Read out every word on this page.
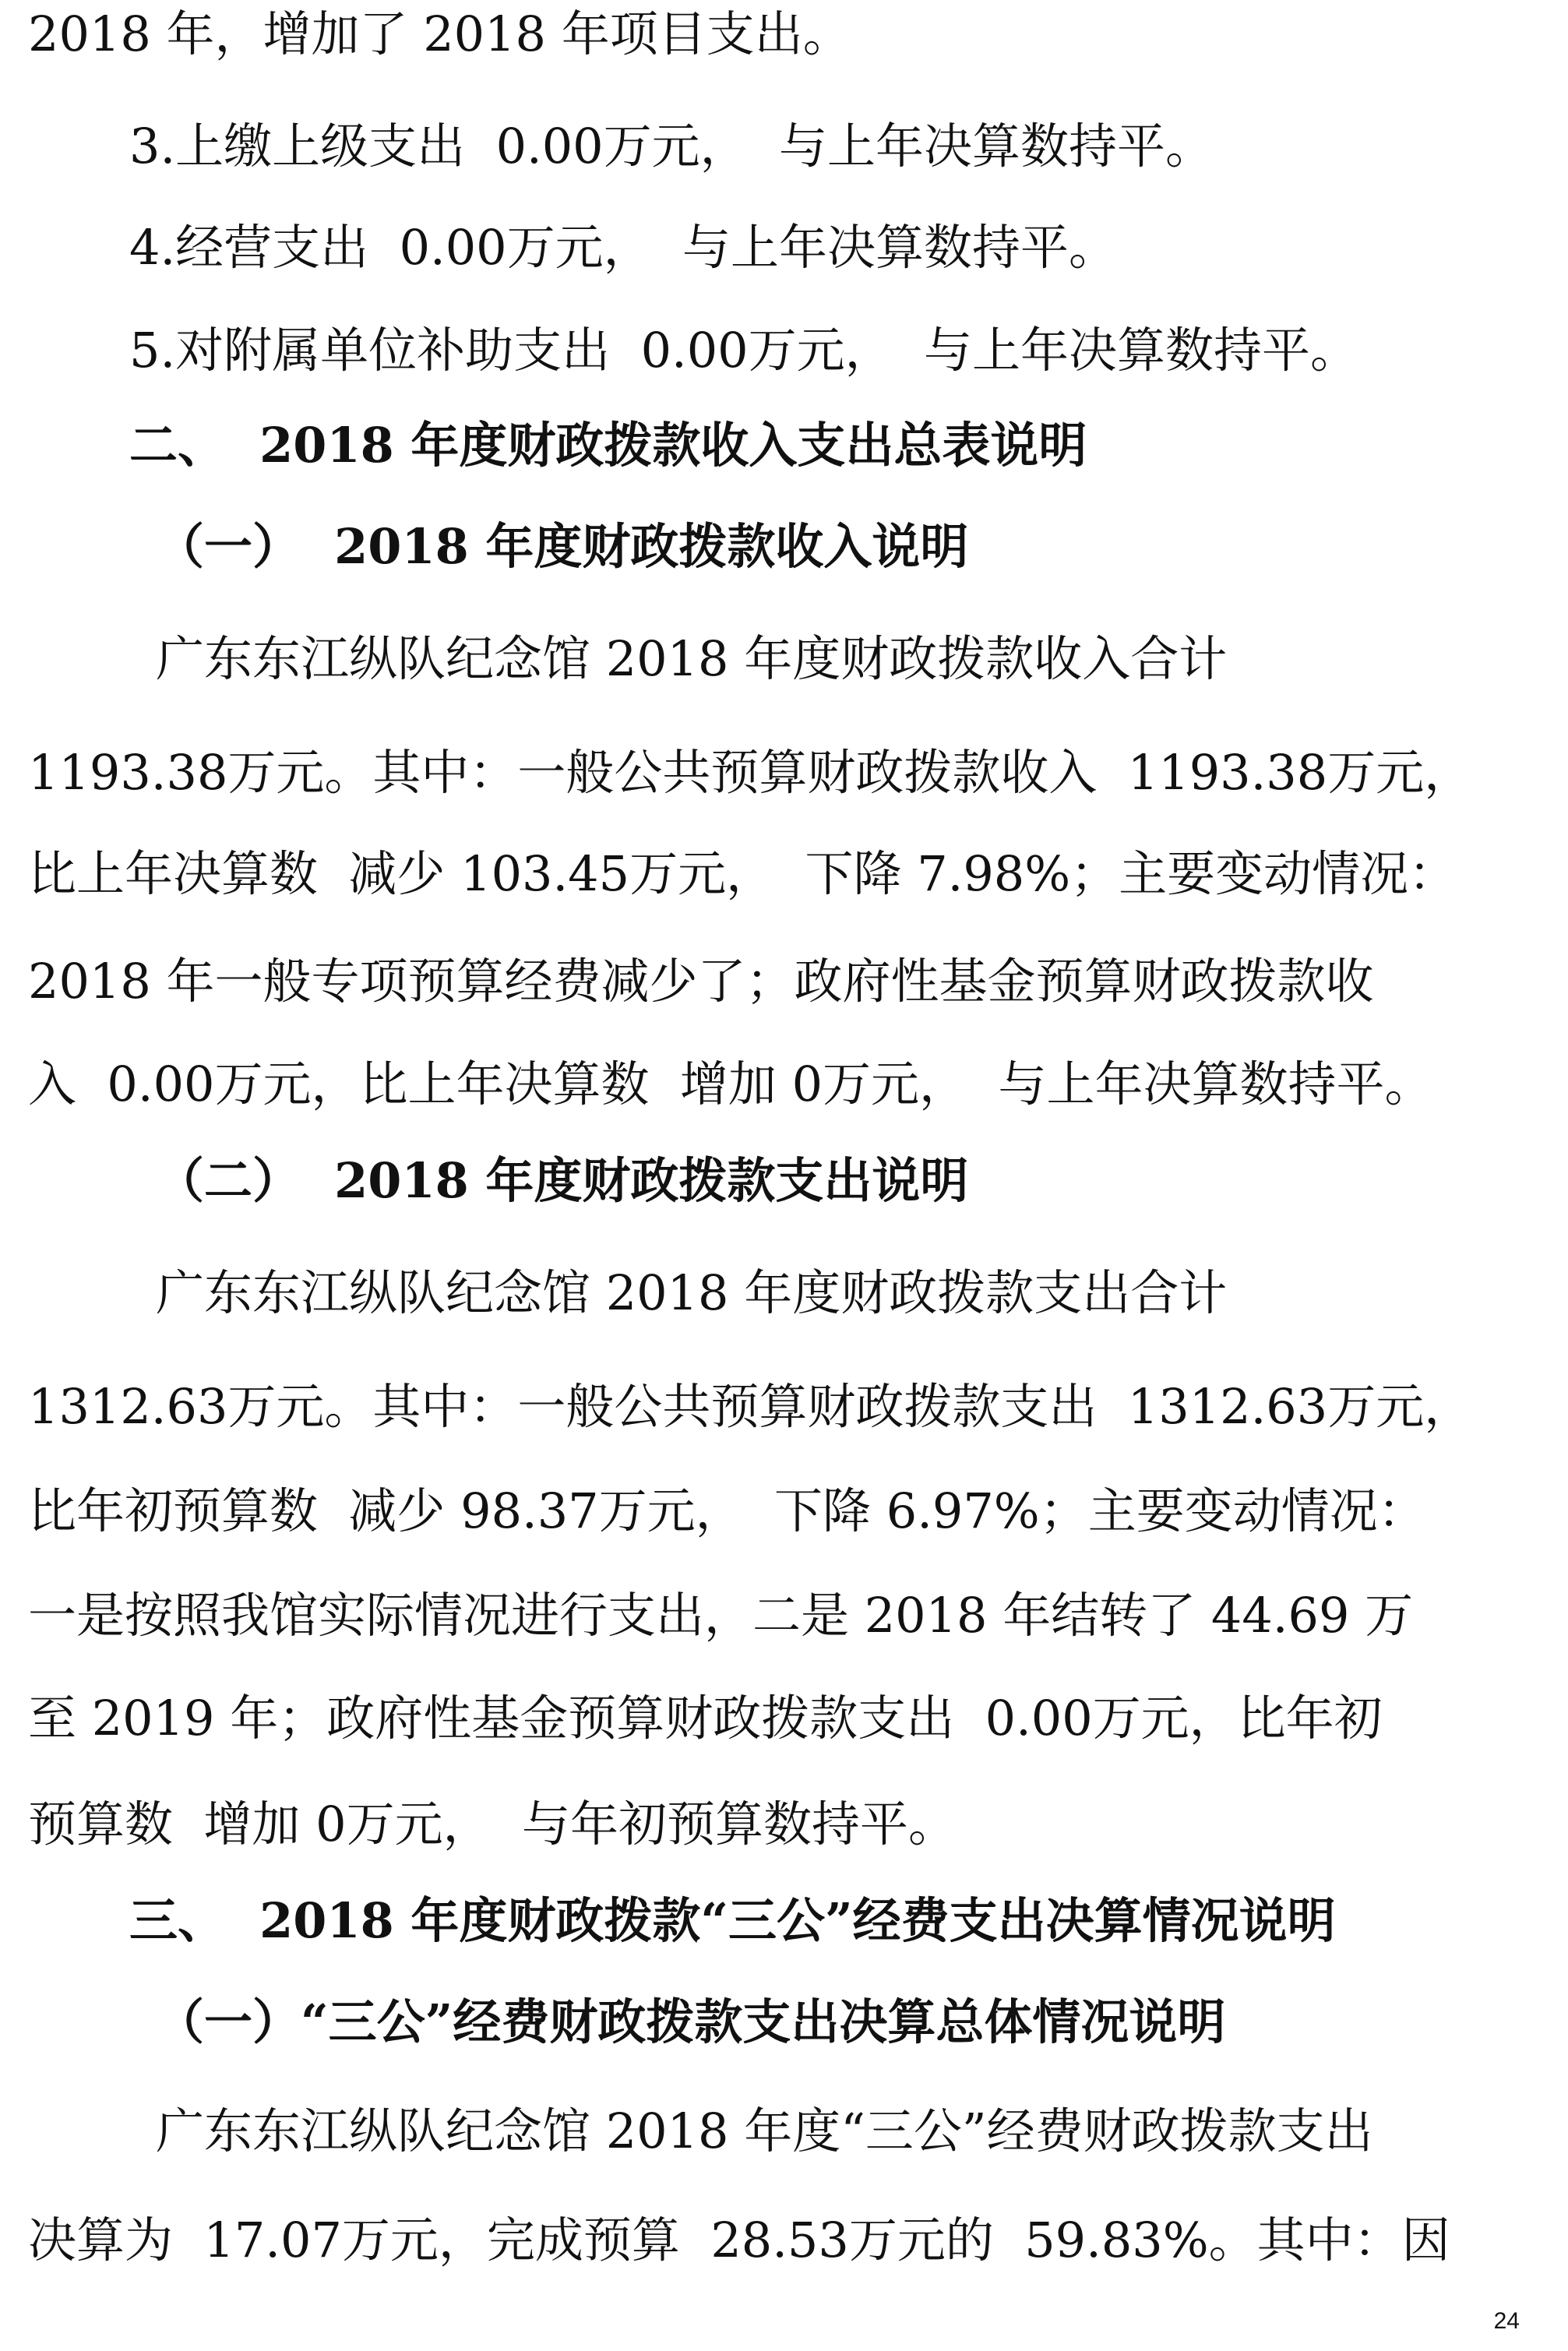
2018 年，增加了 2018 年项目支出。

3.上缴上级支出  0.00万元，  与上年决算数持平。

4.经营支出  0.00万元，  与上年决算数持平。

5.对附属单位补助支出  0.00万元，  与上年决算数持平。

二、  2018 年度财政拨款收入支出总表说明

（一）  2018 年度财政拨款收入说明

广东东江纵队纪念馆 2018 年度财政拨款收入合计

1193.38万元。其中：一般公共预算财政拨款收入  1193.38万元，

比上年决算数  减少 103.45万元，  下降 7.98%；主要变动情况：

2018 年一般专项预算经费减少了；政府性基金预算财政拨款收

入  0.00万元，比上年决算数  增加 0万元，  与上年决算数持平。

（二）  2018 年度财政拨款支出说明

广东东江纵队纪念馆 2018 年度财政拨款支出合计

1312.63万元。其中：一般公共预算财政拨款支出  1312.63万元，

比年初预算数  减少 98.37万元，  下降 6.97%；主要变动情况：

一是按照我馆实际情况进行支出，二是 2018 年结转了 44.69 万

至 2019 年；政府性基金预算财政拨款支出  0.00万元，比年初

预算数  增加 0万元，  与年初预算数持平。

三、  2018 年度财政拨款“三公”经费支出决算情况说明

（一）“三公”经费财政拨款支出决算总体情况说明

广东东江纵队纪念馆 2018 年度“三公”经费财政拨款支出

决算为  17.07万元，完成预算  28.53万元的  59.83%。其中：因

24
